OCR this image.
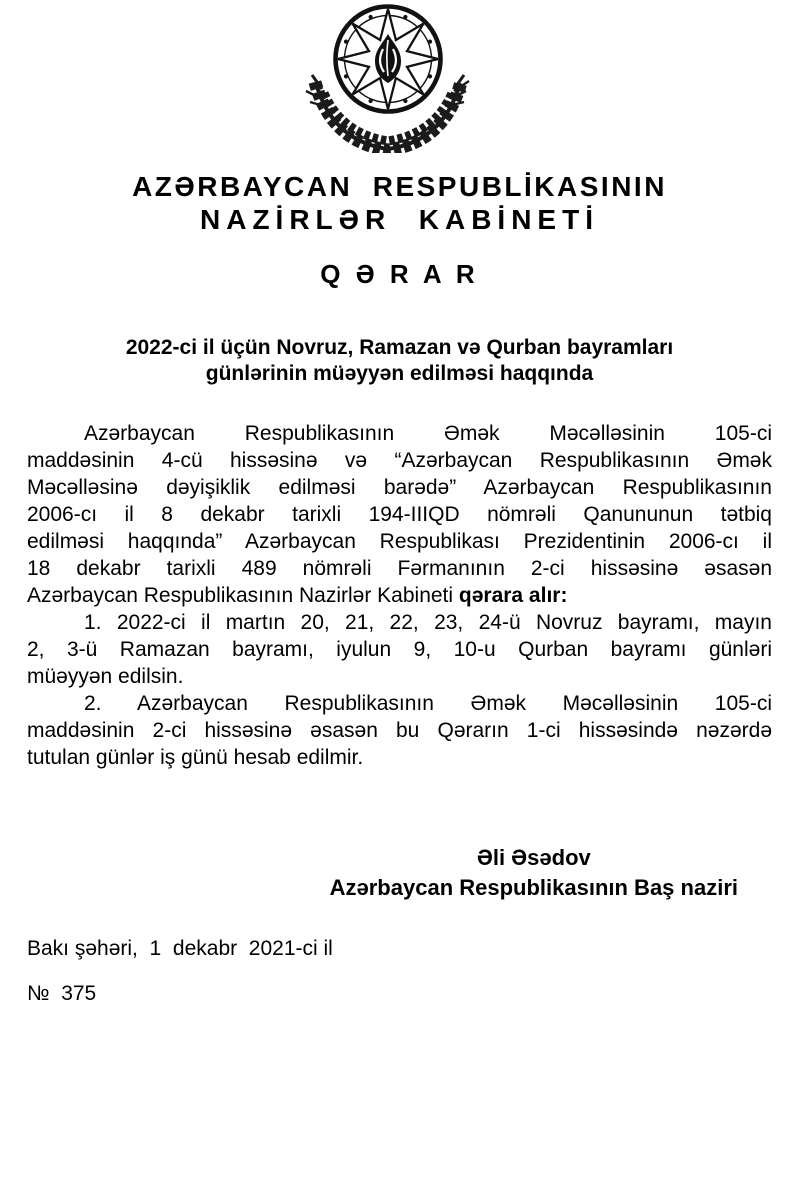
AZƏRBAYCAN  RESPUBLİKASININ
NAZİRLƏR  KABİNETİ
Q Ə R A R
2022-ci il üçün Novruz, Ramazan və Qurban bayramları
günlərinin müəyyən edilməsi haqqında
Azərbaycan Respublikasının Əmək Məcəlləsinin 105-ci
maddəsinin 4-cü hissəsinə və “Azərbaycan Respublikasının Əmək
Məcəlləsinə dəyişiklik edilməsi barədə” Azərbaycan Respublikasının
2006-cı il 8 dekabr tarixli 194-IIIQD nömrəli Qanununun tətbiq
edilməsi haqqında” Azərbaycan Respublikası Prezidentinin 2006-cı il
18 dekabr tarixli 489 nömrəli Fərmanının 2-ci hissəsinə əsasən
Azərbaycan Respublikasının Nazirlər Kabineti qərara alır:
1. 2022-ci il martın 20, 21, 22, 23, 24-ü Novruz bayramı, mayın
2, 3-ü Ramazan bayramı, iyulun 9, 10-u Qurban bayramı günləri
müəyyən edilsin.
2. Azərbaycan Respublikasının Əmək Məcəlləsinin 105-ci
maddəsinin 2-ci hissəsinə əsasən bu Qərarın 1-ci hissəsində nəzərdə
tutulan günlər iş günü hesab edilmir.
Əli Əsədov
Azərbaycan Respublikasının Baş naziri
Bakı şəhəri,  1  dekabr  2021-ci il
№  375
